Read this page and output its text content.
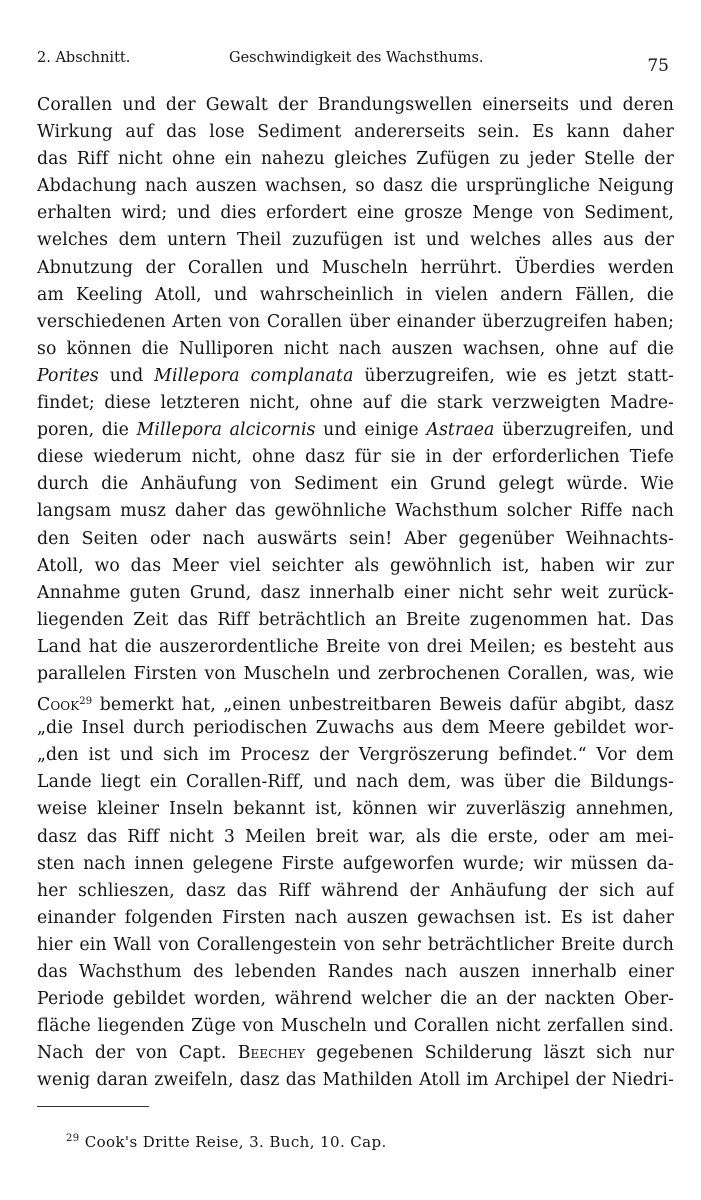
2. Abschnitt.	Geschwindigkeit des Wachsthums.	75
Corallen und der Gewalt der Brandungswellen einerseits und deren
Wirkung auf das lose Sediment andererseits sein. Es kann daher
das Riff nicht ohne ein nahezu gleiches Zufügen zu jeder Stelle der
Abdachung nach auszen wachsen, so dasz die ursprüngliche Neigung
erhalten wird; und dies erfordert eine grosze Menge von Sediment,
welches dem untern Theil zuzufügen ist und welches alles aus der
Abnutzung der Corallen und Muscheln herrührt. Überdies werden
am Keeling Atoll, und wahrscheinlich in vielen andern Fällen, die
verschiedenen Arten von Corallen über einander überzugreifen haben;
so können die Nulliporen nicht nach auszen wachsen, ohne auf die
Porites und Millepora complanata überzugreifen, wie es jetzt statt-
findet; diese letzteren nicht, ohne auf die stark verzweigten Madre-
poren, die Millepora alcicornis und einige Astraea überzugreifen, und
diese wiederum nicht, ohne dasz für sie in der erforderlichen Tiefe
durch die Anhäufung von Sediment ein Grund gelegt würde. Wie
langsam musz daher das gewöhnliche Wachsthum solcher Riffe nach
den Seiten oder nach auswärts sein! Aber gegenüber Weihnachts-
Atoll, wo das Meer viel seichter als gewöhnlich ist, haben wir zur
Annahme guten Grund, dasz innerhalb einer nicht sehr weit zurück-
liegenden Zeit das Riff beträchtlich an Breite zugenommen hat. Das
Land hat die auszerordentliche Breite von drei Meilen; es besteht aus
parallelen Firsten von Muscheln und zerbrochenen Corallen, was, wie
Cook$^{29}$ bemerkt hat, „einen unbestreitbaren Beweis dafür abgibt, dasz
„die Insel durch periodischen Zuwachs aus dem Meere gebildet wor-
„den ist und sich im Procesz der Vergröszerung befindet.“ Vor dem
Lande liegt ein Corallen-Riff, und nach dem, was über die Bildungs-
weise kleiner Inseln bekannt ist, können wir zuverläszig annehmen,
dasz das Riff nicht 3 Meilen breit war, als die erste, oder am mei-
sten nach innen gelegene Firste aufgeworfen wurde; wir müssen da-
her schlieszen, dasz das Riff während der Anhäufung der sich auf
einander folgenden Firsten nach auszen gewachsen ist. Es ist daher
hier ein Wall von Corallengestein von sehr beträchtlicher Breite durch
das Wachsthum des lebenden Randes nach auszen innerhalb einer
Periode gebildet worden, während welcher die an der nackten Ober-
fläche liegenden Züge von Muscheln und Corallen nicht zerfallen sind.
Nach der von Capt. Beechey gegebenen Schilderung läszt sich nur
wenig daran zweifeln, dasz das Mathilden Atoll im Archipel der Niedri-
$^{29}$ Cook's Dritte Reise, 3. Buch, 10. Cap.
